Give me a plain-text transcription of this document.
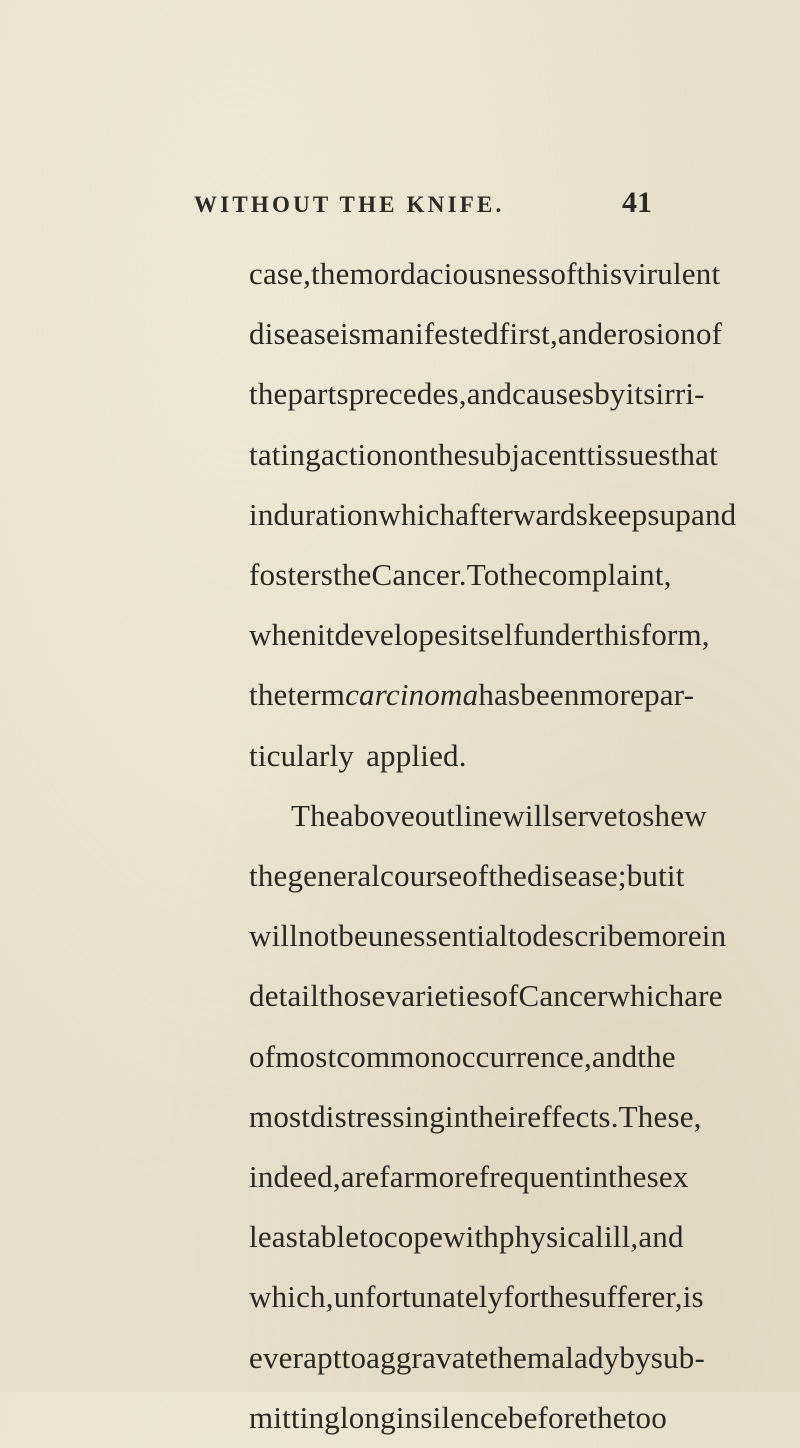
WITHOUT THE KNIFE.	41
case, the mordaciousness of this virulent
disease is manifested first, and erosion of
the parts precedes, and causes by its irri-
tating action on the subjacent tissues that
induration which afterwards keeps up and
fosters the Cancer. To the complaint,
when it developes itself under this form,
the term carcinoma has been more par-
ticularly applied.
The above outline will serve to shew
the general course of the disease ; but it
will not be unessential to describe more in
detail those varieties of Cancer which are
of most common occurrence, and the
most distressing in their effects. These,
indeed, are far more frequent in the sex
least able to cope with physical ill, and
which, unfortunately for the sufferer, is
ever apt to aggravate the malady by sub-
mitting long in silence before the too
